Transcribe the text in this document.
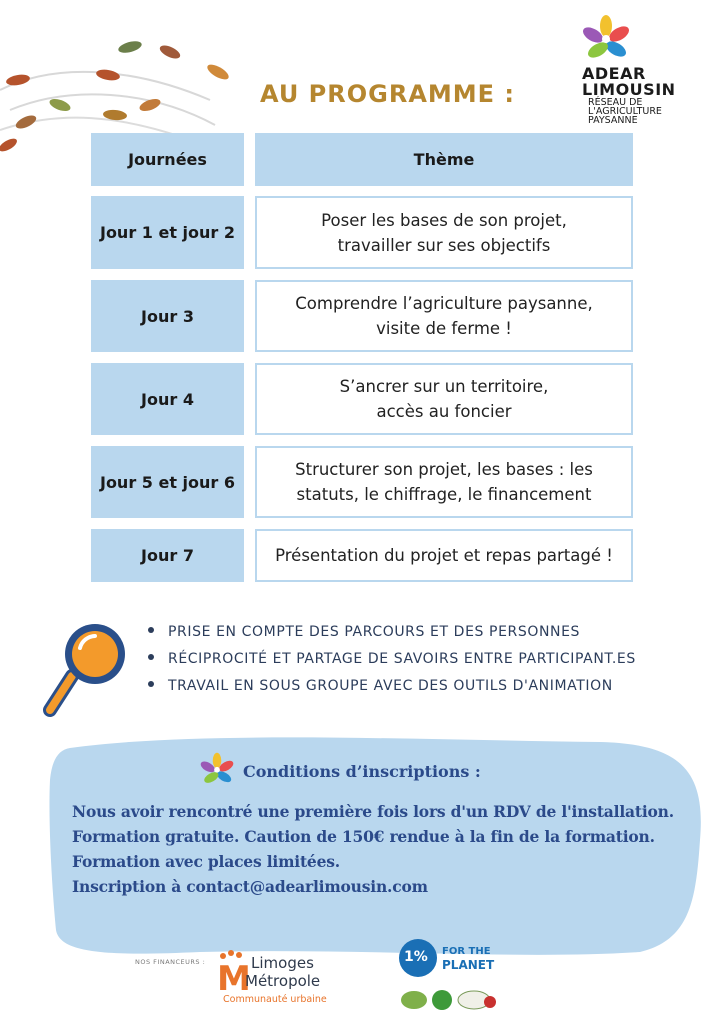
ADEAR
LIMOUSIN
RÉSEAU DE
L'AGRICULTURE
PAYSANNE
AU PROGRAMME :
Journées	Thème
Jour 1 et jour 2
Poser les bases de son projet,
travailler sur ses objectifs
Jour 3
Comprendre l’agriculture paysanne,
visite de ferme !
Jour 4
S’ancrer sur un territoire,
accès au foncier
Jour 5 et jour 6
Structurer son projet, les bases : les
statuts, le chiffrage, le financement
Jour 7	Présentation du projet et repas partagé !
PRISE EN COMPTE DES PARCOURS ET DES PERSONNES
RÉCIPROCITÉ ET PARTAGE DE SAVOIRS ENTRE PARTICIPANT.ES
TRAVAIL EN SOUS GROUPE AVEC DES OUTILS D'ANIMATION
Conditions d’inscriptions :
Nous avoir rencontré une première fois lors d'un RDV de l'installation.
Formation gratuite. Caution de 150€ rendue à la fin de la formation.
Formation avec places limitées.
Inscription à contact@adearlimousin.com
NOS FINANCEURS : M Limoges
Métropole
Communauté urbaine
1% FOR THE
PLANET
